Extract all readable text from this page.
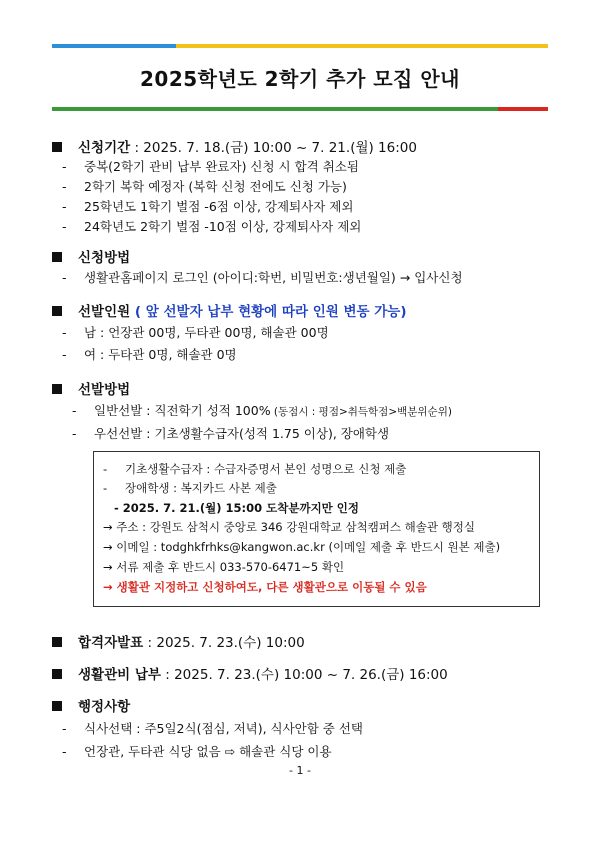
2025학년도 2학기 추가 모집 안내
신청기간 : 2025. 7. 18.(금) 10:00 ~ 7. 21.(월) 16:00
- 중복(2학기 관비 납부 완료자) 신청 시 합격 취소됨
- 2학기 복학 예정자 (복학 신청 전에도 신청 가능)
- 25학년도 1학기 벌점 -6점 이상, 강제퇴사자 제외
- 24학년도 2학기 벌점 -10점 이상, 강제퇴사자 제외
신청방법
- 생활관홈페이지 로그인 (아이디:학번, 비밀번호:생년월일) → 입사신청
선발인원 ( 앞 선발자 납부 현황에 따라 인원 변동 가능)
- 남 : 언장관 00명, 두타관 00명, 해솔관 00명
- 여 : 두타관 0명, 해솔관 0명
선발방법
- 일반선발 : 직전학기 성적 100% (동점시 : 평점>취득학점>백분위순위)
- 우선선발 : 기초생활수급자(성적 1.75 이상), 장애학생
- 기초생활수급자 : 수급자증명서 본인 성명으로 신청 제출
- 장애학생 : 복지카드 사본 제출
- 2025. 7. 21.(월) 15:00 도착분까지만 인정
→ 주소 : 강원도 삼척시 중앙로 346 강원대학교 삼척캠퍼스 해솔관 행정실
→ 이메일 : todghkfrhks@kangwon.ac.kr (이메일 제출 후 반드시 원본 제출)
→ 서류 제출 후 반드시 033-570-6471~5 확인
→ 생활관 지정하고 신청하여도, 다른 생활관으로 이동될 수 있음
합격자발표 : 2025. 7. 23.(수) 10:00
생활관비 납부 : 2025. 7. 23.(수) 10:00 ~ 7. 26.(금) 16:00
행정사항
- 식사선택 : 주5일2식(점심, 저녁), 식사안함 중 선택
- 언장관, 두타관 식당 없음 ⇨ 해솔관 식당 이용
- 1 -
